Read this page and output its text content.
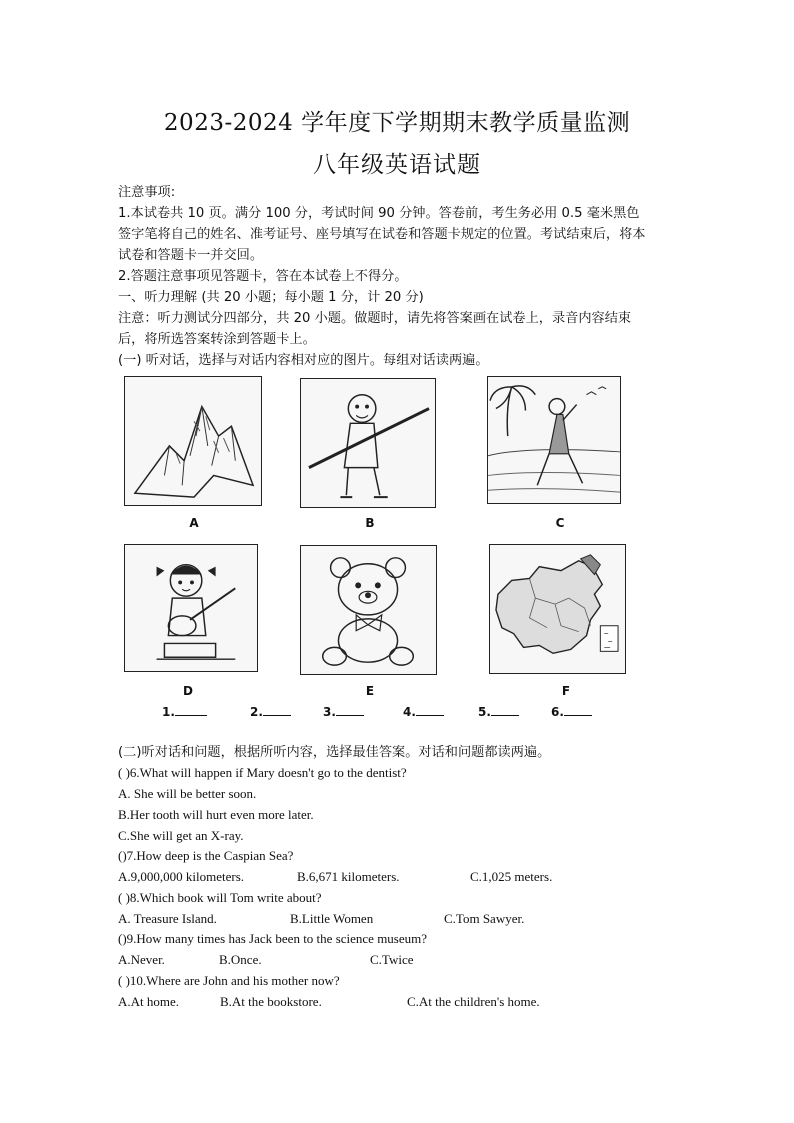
2023-2024 学年度下学期期末教学质量监测
八年级英语试题
注意事项:
1.本试卷共 10 页。满分 100 分，考试时间 90 分钟。答卷前，考生务必用 0.5 毫米黑色
签字笔将自己的姓名、准考证号、座号填写在试卷和答题卡规定的位置。考试结束后，将本
试卷和答题卡一并交回。
2.答题注意事项见答题卡，答在本试卷上不得分。
一、听力理解 (共 20 小题；每小题 1 分，计 20 分)
注意：听力测试分四部分，共 20 小题。做题时，请先将答案画在试卷上，录音内容结束
后，将所选答案转涂到答题卡上。
(一) 听对话，选择与对话内容相对应的图片。每组对话读两遍。
A	B	C
D	E	F
1.	2.	3.	4.	5.	6.
(二)听对话和问题，根据所听内容，选择最佳答案。对话和问题都读两遍。
( )6.What will happen if Mary doesn't go to the dentist?
A. She will be better soon.
B.Her tooth will hurt even more later.
C.She will get an X-ray.
()7.How deep is the Caspian Sea?
A.9,000,000 kilometers.	B.6,671 kilometers.	C.1,025 meters.
( )8.Which book will Tom write about?
A. Treasure Island.	B.Little Women	C.Tom Sawyer.
()9.How many times has Jack been to the science museum?
A.Never.	B.Once.	C.Twice
( )10.Where are John and his mother now?
A.At home.	B.At the bookstore.	C.At the children's home.
